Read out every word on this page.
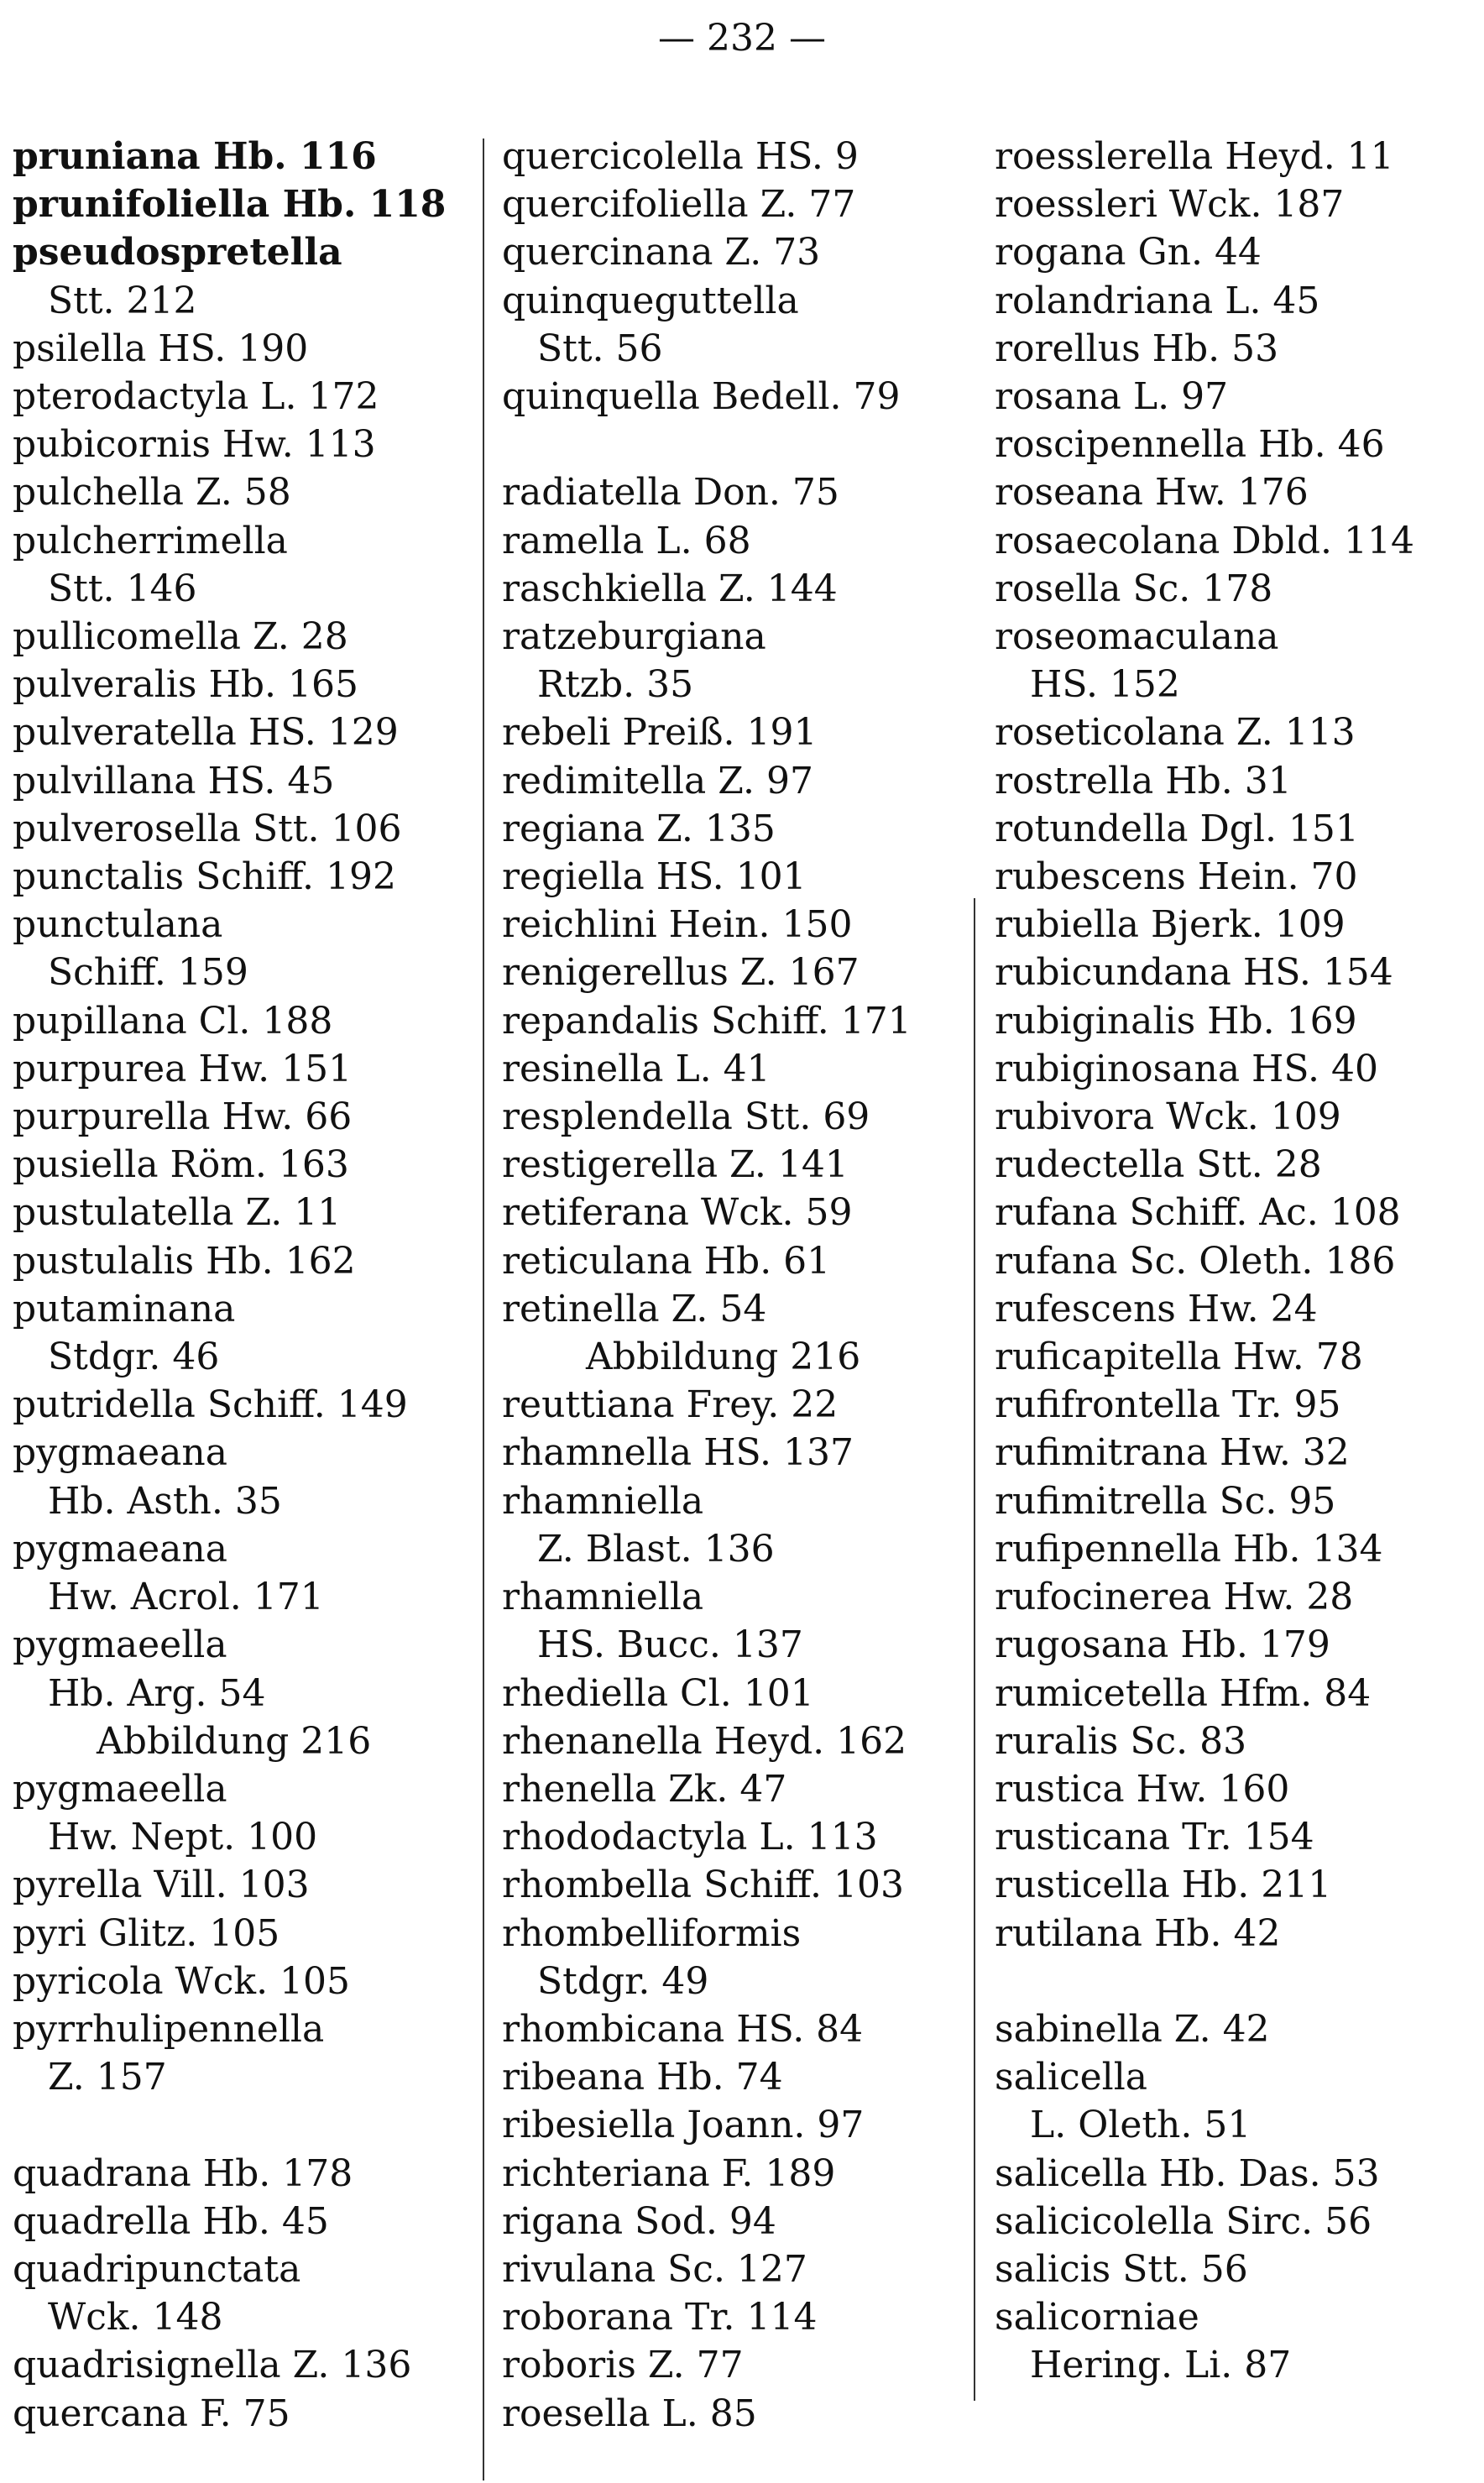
— 232 —
pruniana Hb. 116
prunifoliella Hb. 118
pseudospretella
Stt. 212
psilella HS. 190
pterodactyla L. 172
pubicornis Hw. 113
pulchella Z. 58
pulcherrimella
Stt. 146
pullicomella Z. 28
pulveralis Hb. 165
pulveratella HS. 129
pulvillana HS. 45
pulverosella Stt. 106
punctalis Schiff. 192
punctulana
Schiff. 159
pupillana Cl. 188
purpurea Hw. 151
purpurella Hw. 66
pusiella Röm. 163
pustulatella Z. 11
pustulalis Hb. 162
putaminana
Stdgr. 46
putridella Schiff. 149
pygmaeana
Hb. Asth. 35
pygmaeana
Hw. Acrol. 171
pygmaeella
Hb. Arg. 54
Abbildung 216
pygmaeella
Hw. Nept. 100
pyrella Vill. 103
pyri Glitz. 105
pyricola Wck. 105
pyrrhulipennella
Z. 157

quadrana Hb. 178
quadrella Hb. 45
quadripunctata
Wck. 148
quadrisignella Z. 136
quercana F. 75
quercicolella HS. 9
quercifoliella Z. 77
quercinana Z. 73
quinqueguttella
Stt. 56
quinquella Bedell. 79

radiatella Don. 75
ramella L. 68
raschkiella Z. 144
ratzeburgiana
Rtzb. 35
rebeli Preiß. 191
redimitella Z. 97
regiana Z. 135
regiella HS. 101
reichlini Hein. 150
renigerellus Z. 167
repandalis Schiff. 171
resinella L. 41
resplendella Stt. 69
restigerella Z. 141
retiferana Wck. 59
reticulana Hb. 61
retinella Z. 54
Abbildung 216
reuttiana Frey. 22
rhamnella HS. 137
rhamniella
Z. Blast. 136
rhamniella
HS. Bucc. 137
rhediella Cl. 101
rhenanella Heyd. 162
rhenella Zk. 47
rhododactyla L. 113
rhombella Schiff. 103
rhombelliformis
Stdgr. 49
rhombicana HS. 84
ribeana Hb. 74
ribesiella Joann. 97
richteriana F. 189
rigana Sod. 94
rivulana Sc. 127
roborana Tr. 114
roboris Z. 77
roesella L. 85
roesslerella Heyd. 11
roessleri Wck. 187
rogana Gn. 44
rolandriana L. 45
rorellus Hb. 53
rosana L. 97
roscipennella Hb. 46
roseana Hw. 176
rosaecolana Dbld. 114
rosella Sc. 178
roseomaculana
HS. 152
roseticolana Z. 113
rostrella Hb. 31
rotundella Dgl. 151
rubescens Hein. 70
rubiella Bjerk. 109
rubicundana HS. 154
rubiginalis Hb. 169
rubiginosana HS. 40
rubivora Wck. 109
rudectella Stt. 28
rufana Schiff. Ac. 108
rufana Sc. Oleth. 186
rufescens Hw. 24
ruficapitella Hw. 78
rufifrontella Tr. 95
rufimitrana Hw. 32
rufimitrella Sc. 95
rufipennella Hb. 134
rufocinerea Hw. 28
rugosana Hb. 179
rumicetella Hfm. 84
ruralis Sc. 83
rustica Hw. 160
rusticana Tr. 154
rusticella Hb. 211
rutilana Hb. 42

sabinella Z. 42
salicella
L. Oleth. 51
salicella Hb. Das. 53
salicicolella Sirc. 56
salicis Stt. 56
salicorniae
Hering. Li. 87
